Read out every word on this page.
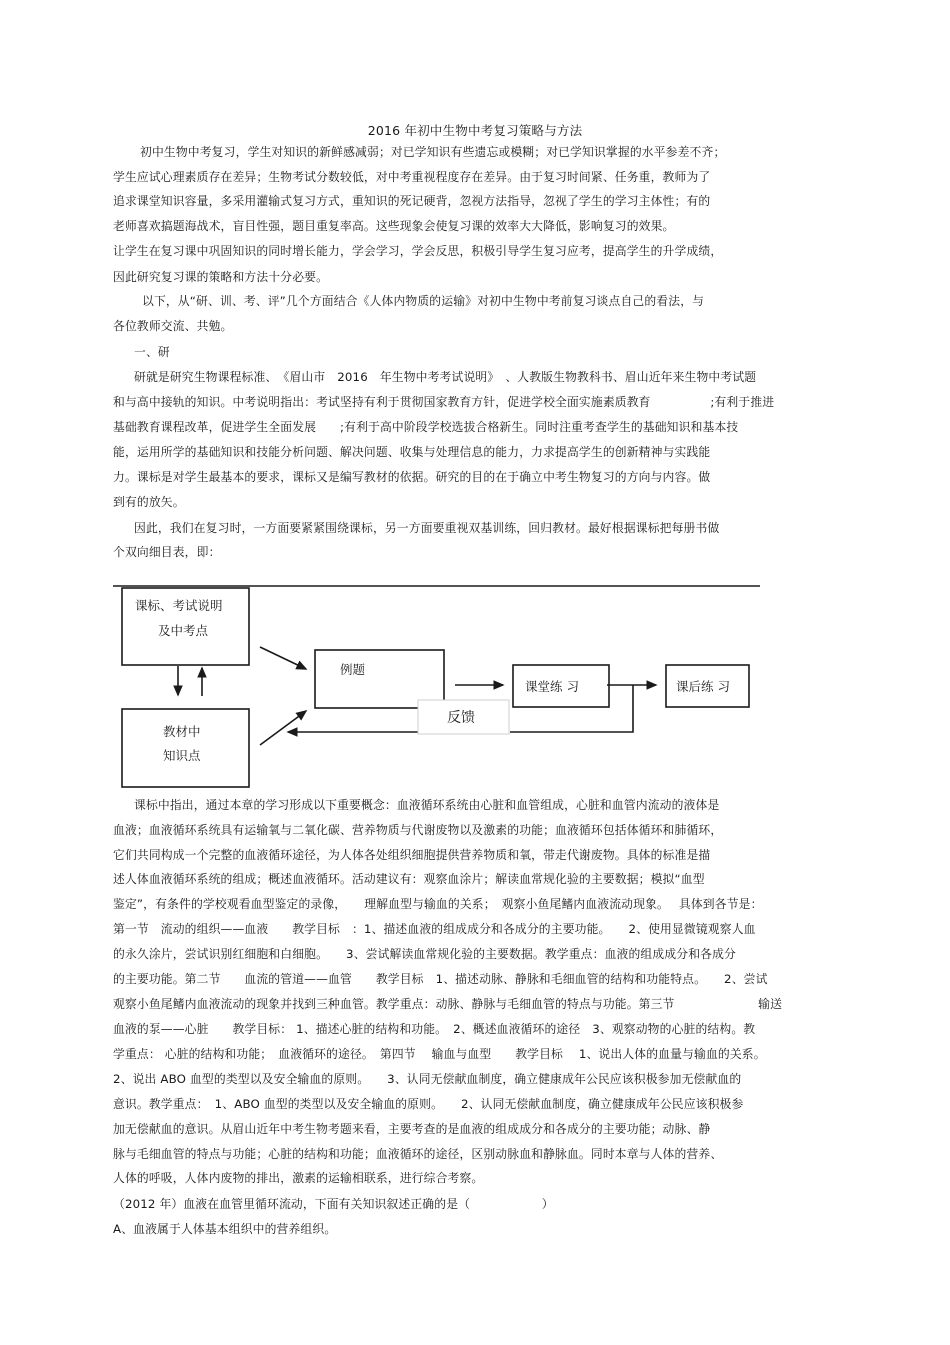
2016 年初中生物中考复习策略与方法
初中生物中考复习，学生对知识的新鲜感减弱；对已学知识有些遗忘或模糊；对已学知识掌握的水平参差不齐；
学生应试心理素质存在差异；生物考试分数较低，对中考重视程度存在差异。由于复习时间紧、任务重，教师为了
追求课堂知识容量，多采用灌输式复习方式，重知识的死记硬背，忽视方法指导，忽视了学生的学习主体性；有的
老师喜欢搞题海战术，盲目性强，题目重复率高。这些现象会使复习课的效率大大降低，影响复习的效果。
让学生在复习课中巩固知识的同时增长能力，学会学习，学会反思，积极引导学生复习应考，提高学生的升学成绩，
因此研究复习课的策略和方法十分必要。
以下，从“研、训、考、评”几个方面结合《人体内物质的运输》对初中生物中考前复习谈点自己的看法，与
各位教师交流、共勉。
一、研
研就是研究生物课程标准、　《眉山市　2016　年生物中考考试说明》　、人教版生物教科书、眉山近年来生物中考试题
和与高中接轨的知识。中考说明指出：考试坚持有利于贯彻国家教育方针，促进学校全面实施素质教育　　　　　;有利于推进
基础教育课程改革，促进学生全面发展　　;有利于高中阶段学校选拔合格新生。同时注重考查学生的基础知识和基本技
能，运用所学的基础知识和技能分析问题、解决问题、收集与处理信息的能力，力求提高学生的创新精神与实践能
力。课标是对学生最基本的要求，课标又是编写教材的依据。研究的目的在于确立中考生物复习的方向与内容。做
到有的放矢。
因此，我们在复习时，一方面要紧紧围绕课标，另一方面要重视双基训练，回归教材。最好根据课标把每册书做
个双向细目表，即：
课标、考试说明
及中考点
教材中
知识点
例题
反馈
课堂练 习	课后练 习
课标中指出，通过本章的学习形成以下重要概念：血液循环系统由心脏和血管组成，心脏和血管内流动的液体是
血液；血液循环系统具有运输氧与二氧化碳、营养物质与代谢废物以及激素的功能；血液循环包括体循环和肺循环，
它们共同构成一个完整的血液循环途径，为人体各处组织细胞提供营养物质和氧，带走代谢废物。具体的标准是描
述人体血液循环系统的组成；概述血液循环。活动建议有：观察血涂片；解读血常规化验的主要数据；模拟“血型
鉴定”，有条件的学校观看血型鉴定的录像，　　理解血型与输血的关系；　观察小鱼尾鳍内血液流动现象。　 具体到各节是：
第一节　流动的组织——血液　　教学目标　：1、描述血液的组成成分和各成分的主要功能。　　2、使用显微镜观察人血
的永久涂片，尝试识别红细胞和白细胞。　　3、尝试解读血常规化验的主要数据。教学重点：血液的组成成分和各成分
的主要功能。第二节　　血流的管道——血管　　教学目标　1、描述动脉、静脉和毛细血管的结构和功能特点。　　2、尝试
观察小鱼尾鳍内血液流动的现象并找到三种血管。教学重点：动脉、静脉与毛细血管的特点与功能。第三节　　　　　　　输送
血液的泵——心脏　　教学目标： 1、描述心脏的结构和功能。　2、概述血液循环的途径　3、观察动物的心脏的结构。教
学重点： 心脏的结构和功能；　血液循环的途径。　第四节　 输血与血型　　教学目标　 1、说出人体的血量与输血的关系。
2、说出 ABO 血型的类型以及安全输血的原则。　　3、认同无偿献血制度，确立健康成年公民应该积极参加无偿献血的
意识。教学重点：　1、ABO 血型的类型以及安全输血的原则。　　2、认同无偿献血制度，确立健康成年公民应该积极参
加无偿献血的意识。从眉山近年中考生物考题来看，主要考查的是血液的组成成分和各成分的主要功能；动脉、静
脉与毛细血管的特点与功能；心脏的结构和功能；血液循环的途径，区别动脉血和静脉血。同时本章与人体的营养、
人体的呼吸，人体内废物的排出，激素的运输相联系，进行综合考察。
（2012 年）血液在血管里循环流动，下面有关知识叙述正确的是（　　　　　　）
A、血液属于人体基本组织中的营养组织。
